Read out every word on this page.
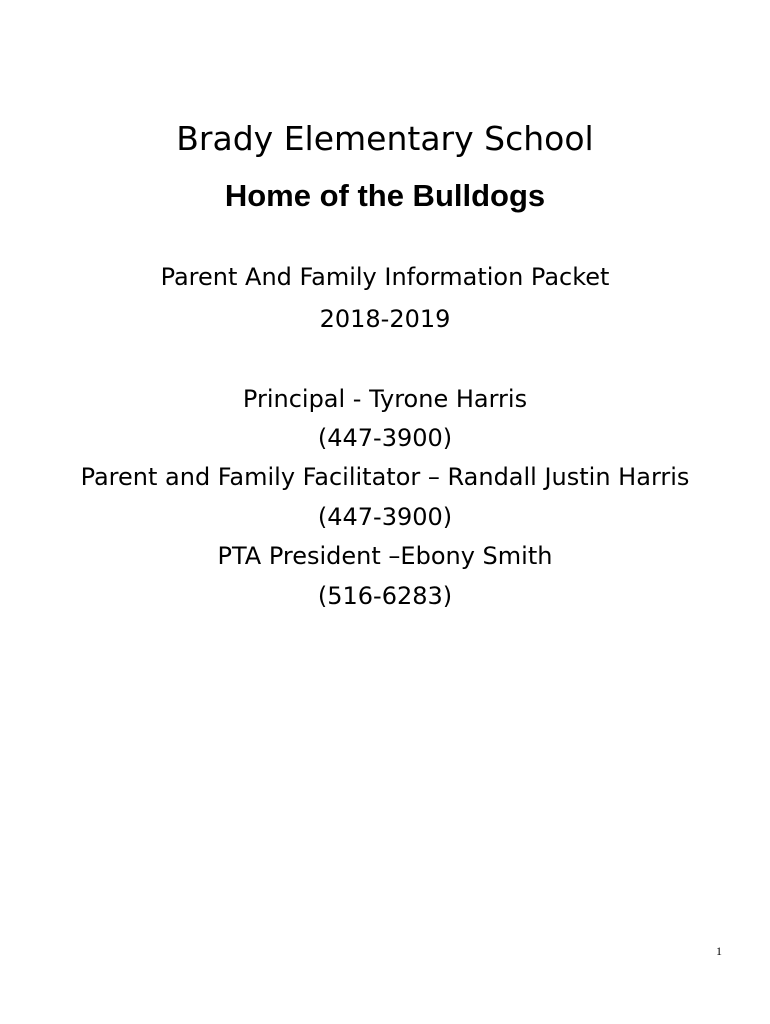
Brady Elementary School
Home of the Bulldogs
Parent And Family Information Packet
2018-2019
Principal - Tyrone Harris
(447-3900)
Parent and Family Facilitator – Randall Justin Harris
(447-3900)
PTA President –Ebony Smith
(516-6283)
1
